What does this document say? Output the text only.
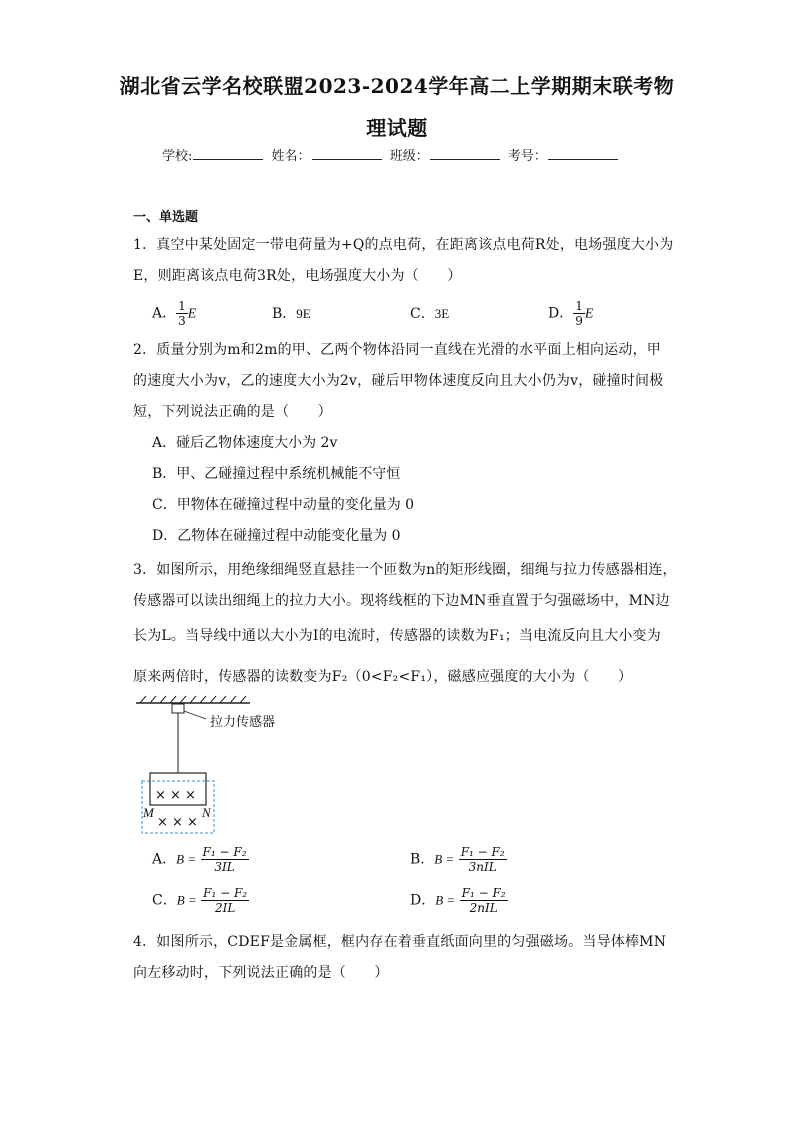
湖北省云学名校联盟2023-2024学年高二上学期期末联考物
理试题
学校:	姓名：	班级：	考号：
一、单选题
1．真空中某处固定一带电荷量为+Q的点电荷，在距离该点电荷R处，电场强度大小为
E，则距离该点电荷3R处，电场强度大小为（　　）
A． $\frac{1}{3}$ E	B．9E	C．3E	D． $\frac{1}{9}$ E
2．质量分别为m和2m的甲、乙两个物体沿同一直线在光滑的水平面上相向运动，甲
的速度大小为v，乙的速度大小为2v，碰后甲物体速度反向且大小仍为v，碰撞时间极
短，下列说法正确的是（　　）
A．碰后乙物体速度大小为 2v
B．甲、乙碰撞过程中系统机械能不守恒
C．甲物体在碰撞过程中动量的变化量为 0
D．乙物体在碰撞过程中动能变化量为 0
3．如图所示，用绝缘细绳竖直悬挂一个匝数为n的矩形线圈，细绳与拉力传感器相连，
传感器可以读出细绳上的拉力大小。现将线框的下边MN垂直置于匀强磁场中，MN边
长为L。当导线中通以大小为I的电流时，传感器的读数为F₁；当电流反向且大小变为
原来两倍时，传感器的读数变为F₂（0<F₂<F₁），磁感应强度的大小为（　　）
拉力传感器
× × ×
× × ×
M	N
A．$B = \frac{\text{F₁ − F₂}}{3IL}$	B．$B = \frac{\text{F₁ − F₂}}{\text{3nIL}}$
C．$B = \frac{\text{F₁ − F₂}}{2IL}$	D．$B = \frac{\text{F₁ − F₂}}{\text{2nIL}}$
4．如图所示，CDEF是金属框，框内存在着垂直纸面向里的匀强磁场。当导体棒MN
向左移动时，下列说法正确的是（　　）
